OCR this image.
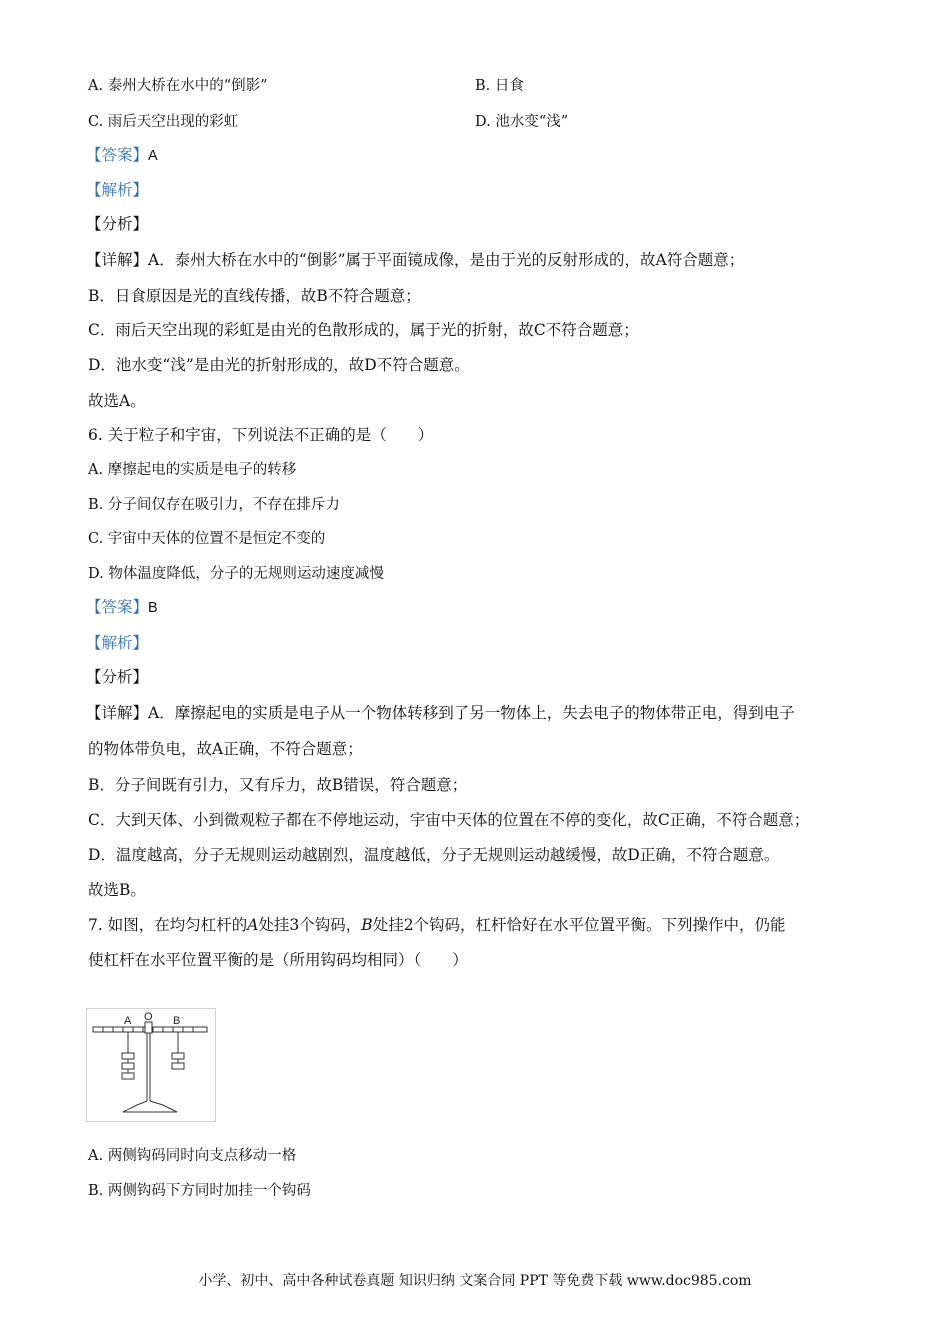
A. 泰州大桥在水中的“倒影”	B. 日食
C. 雨后天空出现的彩虹	D. 池水变“浅”
【答案】A
【解析】
【分析】
【详解】A．泰州大桥在水中的“倒影”属于平面镜成像，是由于光的反射形成的，故A符合题意；
B．日食原因是光的直线传播，故B不符合题意；
C．雨后天空出现的彩虹是由光的色散形成的，属于光的折射，故C不符合题意；
D．池水变“浅”是由光的折射形成的，故D不符合题意。
故选A。
6. 关于粒子和宇宙，下列说法不正确的是（　　）
A. 摩擦起电的实质是电子的转移
B. 分子间仅存在吸引力，不存在排斥力
C. 宇宙中天体的位置不是恒定不变的
D. 物体温度降低，分子的无规则运动速度减慢
【答案】B
【解析】
【分析】
【详解】A．摩擦起电的实质是电子从一个物体转移到了另一物体上，失去电子的物体带正电，得到电子
的物体带负电，故A正确，不符合题意；
B．分子间既有引力，又有斥力，故B错误，符合题意；
C．大到天体、小到微观粒子都在不停地运动，宇宙中天体的位置在不停的变化，故C正确，不符合题意；
D．温度越高，分子无规则运动越剧烈，温度越低，分子无规则运动越缓慢，故D正确，不符合题意。
故选B。
7. 如图，在均匀杠杆的A处挂3个钩码，B处挂2个钩码，杠杆恰好在水平位置平衡。下列操作中，仍能
使杠杆在水平位置平衡的是（所用钩码均相同）（　　）
A O B
A. 两侧钩码同时向支点移动一格
B. 两侧钩码下方同时加挂一个钩码
小学、初中、高中各种试卷真题 知识归纳 文案合同 PPT 等免费下载 www.doc985.com
